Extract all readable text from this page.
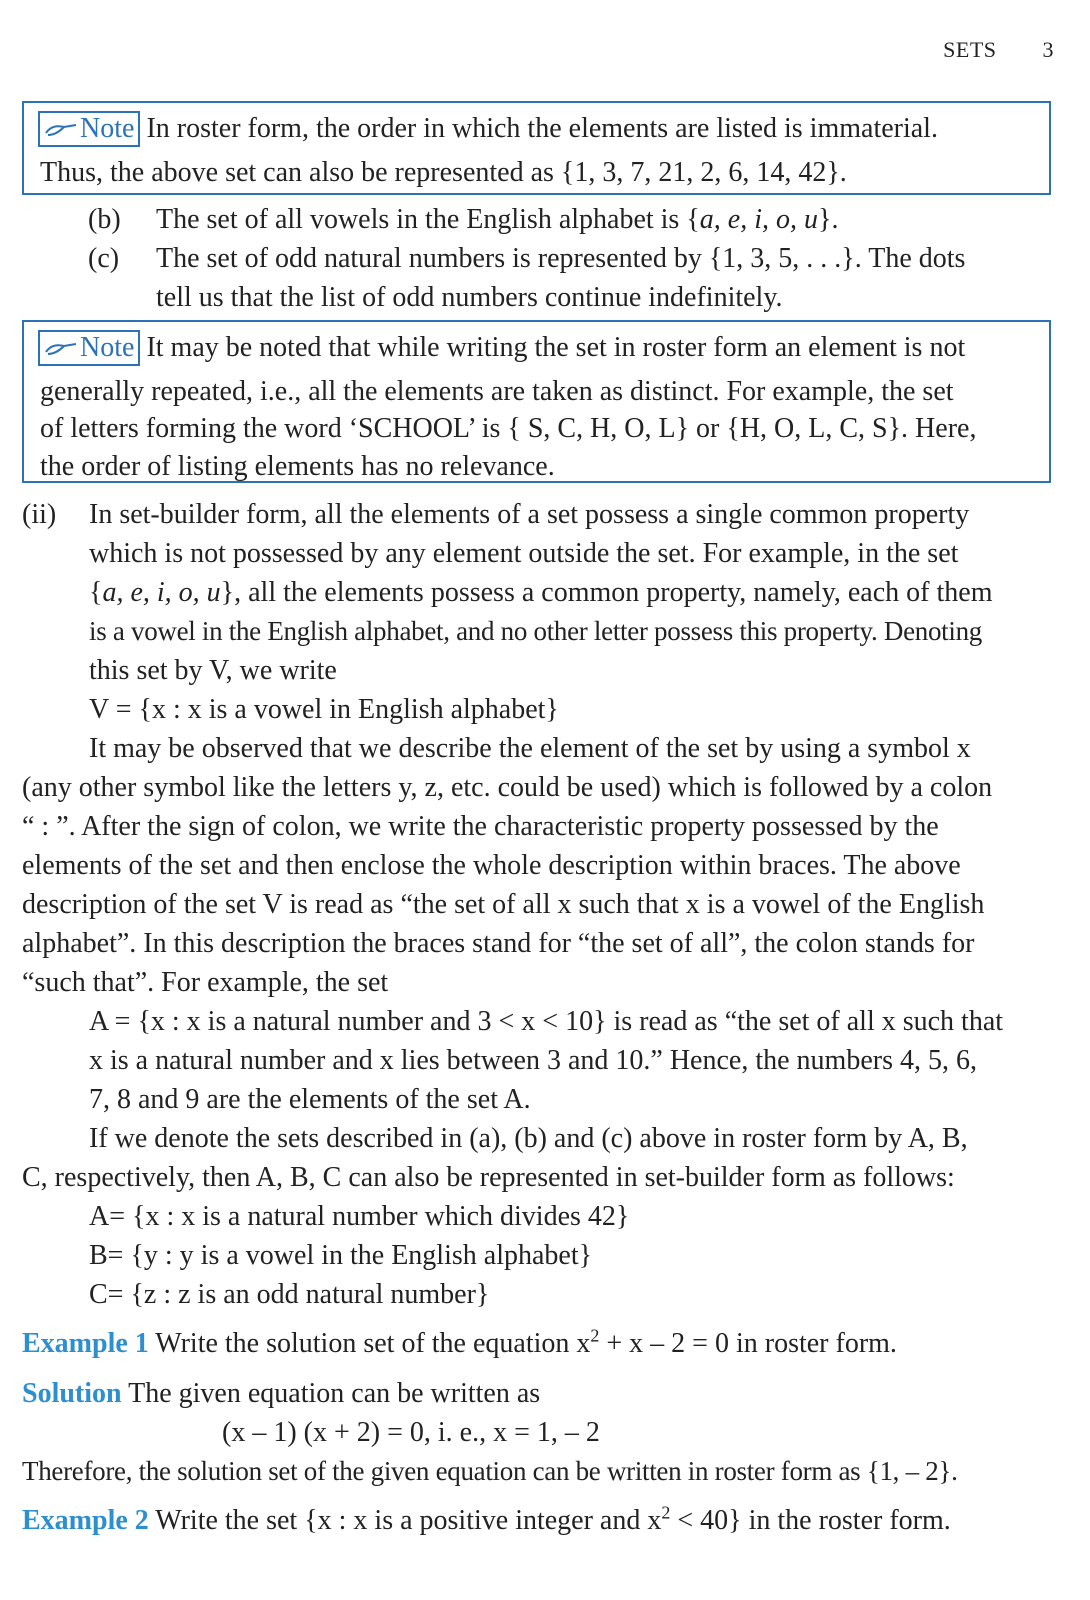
SETS 3
Note In roster form, the order in which the elements are listed is immaterial.
Thus, the above set can also be represented as {1, 3, 7, 21, 2, 6, 14, 42}.
(b) The set of all vowels in the English alphabet is {a, e, i, o, u}.
(c) The set of odd natural numbers is represented by {1, 3, 5, . . .}. The dots
tell us that the list of odd numbers continue indefinitely.
Note It may be noted that while writing the set in roster form an element is not
generally repeated, i.e., all the elements are taken as distinct. For example, the set
of letters forming the word ‘SCHOOL’ is { S, C, H, O, L} or {H, O, L, C, S}. Here,
the order of listing elements has no relevance.
(ii) In set-builder form, all the elements of a set possess a single common property
which is not possessed by any element outside the set. For example, in the set
{a, e, i, o, u}, all the elements possess a common property, namely, each of them
is a vowel in the English alphabet, and no other letter possess this property. Denoting
this set by V, we write
V = {x : x is a vowel in English alphabet}
It may be observed that we describe the element of the set by using a symbol x
(any other symbol like the letters y, z, etc. could be used) which is followed by a colon
“ : ”. After the sign of colon, we write the characteristic property possessed by the
elements of the set and then enclose the whole description within braces. The above
description of the set V is read as “the set of all x such that x is a vowel of the English
alphabet”. In this description the braces stand for “the set of all”, the colon stands for
“such that”. For example, the set
A = {x : x is a natural number and 3 < x < 10} is read as “the set of all x such that
x is a natural number and x lies between 3 and 10.” Hence, the numbers 4, 5, 6,
7, 8 and 9 are the elements of the set A.
If we denote the sets described in (a), (b) and (c) above in roster form by A, B,
C, respectively, then A, B, C can also be represented in set-builder form as follows:
A= {x : x is a natural number which divides 42}
B= {y : y is a vowel in the English alphabet}
C= {z : z is an odd natural number}
Example 1 Write the solution set of the equation $x^2 + x - 2 = 0$ in roster form.
Solution The given equation can be written as
(x – 1) (x + 2) = 0, i. e., x = 1, – 2
Therefore, the solution set of the given equation can be written in roster form as {1, – 2}.
Example 2 Write the set {x : x is a positive integer and $x^2 < 40$} in the roster form.
